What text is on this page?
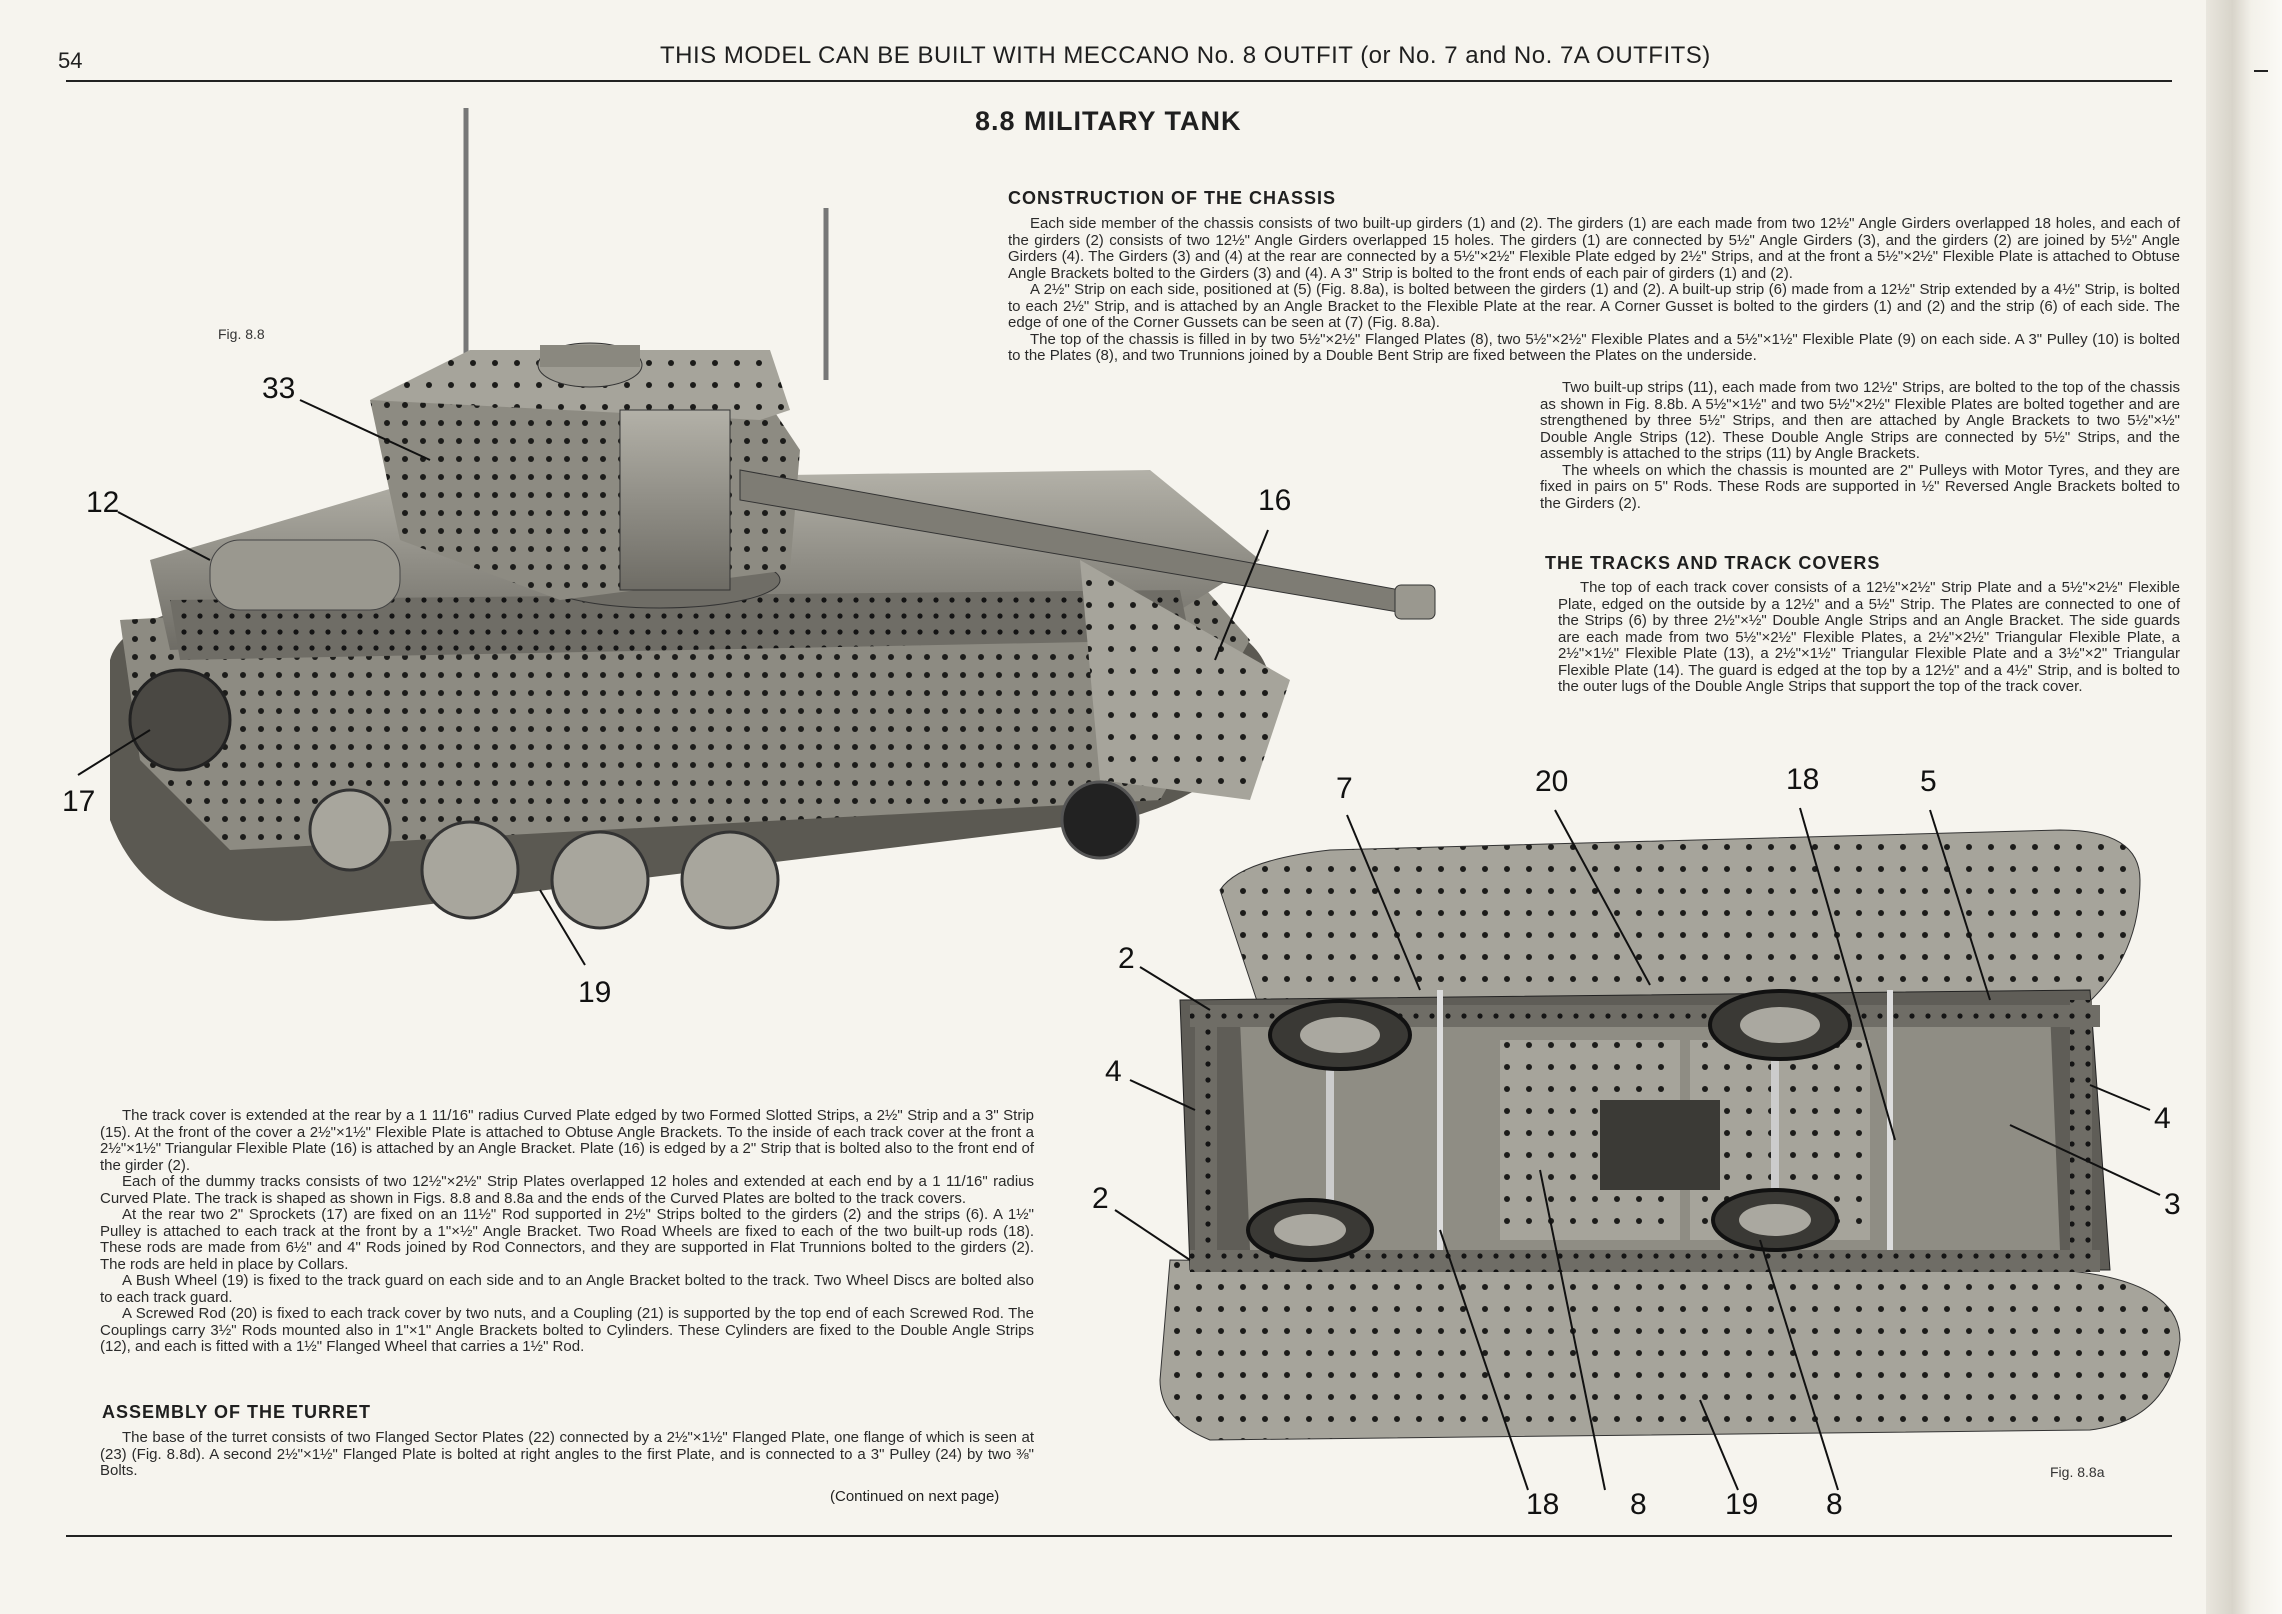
54	THIS MODEL CAN BE BUILT WITH MECCANO No. 8 OUTFIT (or No. 7 and No. 7A OUTFITS)
8.8 MILITARY TANK
CONSTRUCTION OF THE CHASSIS

Each side member of the chassis consists of two built-up girders (1) and (2). The girders (1) are each made from two 12½" Angle Girders overlapped 18 holes, and each of the girders (2) consists of two 12½" Angle Girders overlapped 15 holes. The girders (1) are connected by 5½" Angle Girders (3), and the girders (2) are joined by 5½" Angle Girders (4). The Girders (3) and (4) at the rear are connected by a 5½"×2½" Flexible Plate edged by 2½" Strips, and at the front a 5½"×2½" Flexible Plate is attached to Obtuse Angle Brackets bolted to the Girders (3) and (4). A 3" Strip is bolted to the front ends of each pair of girders (1) and (2).

A 2½" Strip on each side, positioned at (5) (Fig. 8.8a), is bolted between the girders (1) and (2). A built-up strip (6) made from a 12½" Strip extended by a 4½" Strip, is bolted to each 2½" Strip, and is attached by an Angle Bracket to the Flexible Plate at the rear. A Corner Gusset is bolted to the girders (1) and (2) and the strip (6) of each side. The edge of one of the Corner Gussets can be seen at (7) (Fig. 8.8a).

The top of the chassis is filled in by two 5½"×2½" Flanged Plates (8), two 5½"×2½" Flexible Plates and a 5½"×1½" Flexible Plate (9) on each side. A 3" Pulley (10) is bolted to the Plates (8), and two Trunnions joined by a Double Bent Strip are fixed between the Plates on the underside.

Two built-up strips (11), each made from two 12½" Strips, are bolted to the top of the chassis as shown in Fig. 8.8b. A 5½"×1½" and two 5½"×2½" Flexible Plates are bolted together and are strengthened by three 5½" Strips, and then are attached by Angle Brackets to two 5½"×½" Double Angle Strips (12). These Double Angle Strips are connected by 5½" Strips, and the assembly is attached to the strips (11) by Angle Brackets.

The wheels on which the chassis is mounted are 2" Pulleys with Motor Tyres, and they are fixed in pairs on 5" Rods. These Rods are supported in ½" Reversed Angle Brackets bolted to the Girders (2).

THE TRACKS AND TRACK COVERS

The top of each track cover consists of a 12½"×2½" Strip Plate and a 5½"×2½" Flexible Plate, edged on the outside by a 12½" and a 5½" Strip. The Plates are connected to one of the Strips (6) by three 2½"×½" Double Angle Strips and an Angle Bracket. The side guards are each made from two 5½"×2½" Flexible Plates, a 2½"×2½" Triangular Flexible Plate, a 2½"×1½" Flexible Plate (13), a 2½"×1½" Triangular Flexible Plate and a 3½"×2" Triangular Flexible Plate (14). The guard is edged at the top by a 12½" and a 4½" Strip, and is bolted to the outer lugs of the Double Angle Strips that support the top of the track cover.

The track cover is extended at the rear by a 1 11/16" radius Curved Plate edged by two Formed Slotted Strips, a 2½" Strip and a 3" Strip (15). At the front of the cover a 2½"×1½" Flexible Plate is attached to Obtuse Angle Brackets. To the inside of each track cover at the front a 2½"×1½" Triangular Flexible Plate (16) is attached by an Angle Bracket. Plate (16) is edged by a 2" Strip that is bolted also to the front end of the girder (2).

Each of the dummy tracks consists of two 12½"×2½" Strip Plates overlapped 12 holes and extended at each end by a 1 11/16" radius Curved Plate. The track is shaped as shown in Figs. 8.8 and 8.8a and the ends of the Curved Plates are bolted to the track covers.

At the rear two 2" Sprockets (17) are fixed on an 11½" Rod supported in 2½" Strips bolted to the girders (2) and the strips (6). A 1½" Pulley is attached to each track at the front by a 1"×½" Angle Bracket. Two Road Wheels are fixed to each of the two built-up rods (18). These rods are made from 6½" and 4" Rods joined by Rod Connectors, and they are supported in Flat Trunnions bolted to the girders (2). The rods are held in place by Collars.

A Bush Wheel (19) is fixed to the track guard on each side and to an Angle Bracket bolted to the track. Two Wheel Discs are bolted also to each track guard.

A Screwed Rod (20) is fixed to each track cover by two nuts, and a Coupling (21) is supported by the top end of each Screwed Rod. The Couplings carry 3½" Rods mounted also in 1"×1" Angle Brackets bolted to Cylinders. These Cylinders are fixed to the Double Angle Strips (12), and each is fitted with a 1½" Flanged Wheel that carries a 1½" Rod.

ASSEMBLY OF THE TURRET

The base of the turret consists of two Flanged Sector Plates (22) connected by a 2½"×1½" Flanged Plate, one flange of which is seen at (23) (Fig. 8.8d). A second 2½"×1½" Flanged Plate is bolted at right angles to the first Plate, and is connected to a 3" Pulley (24) by two ⅜" Bolts.

(Continued on next page)
Fig. 8.8
Fig. 8.8a
33
12	16
17
19
7	20	18	5
2
4
2
4
3
18 8	19 8
